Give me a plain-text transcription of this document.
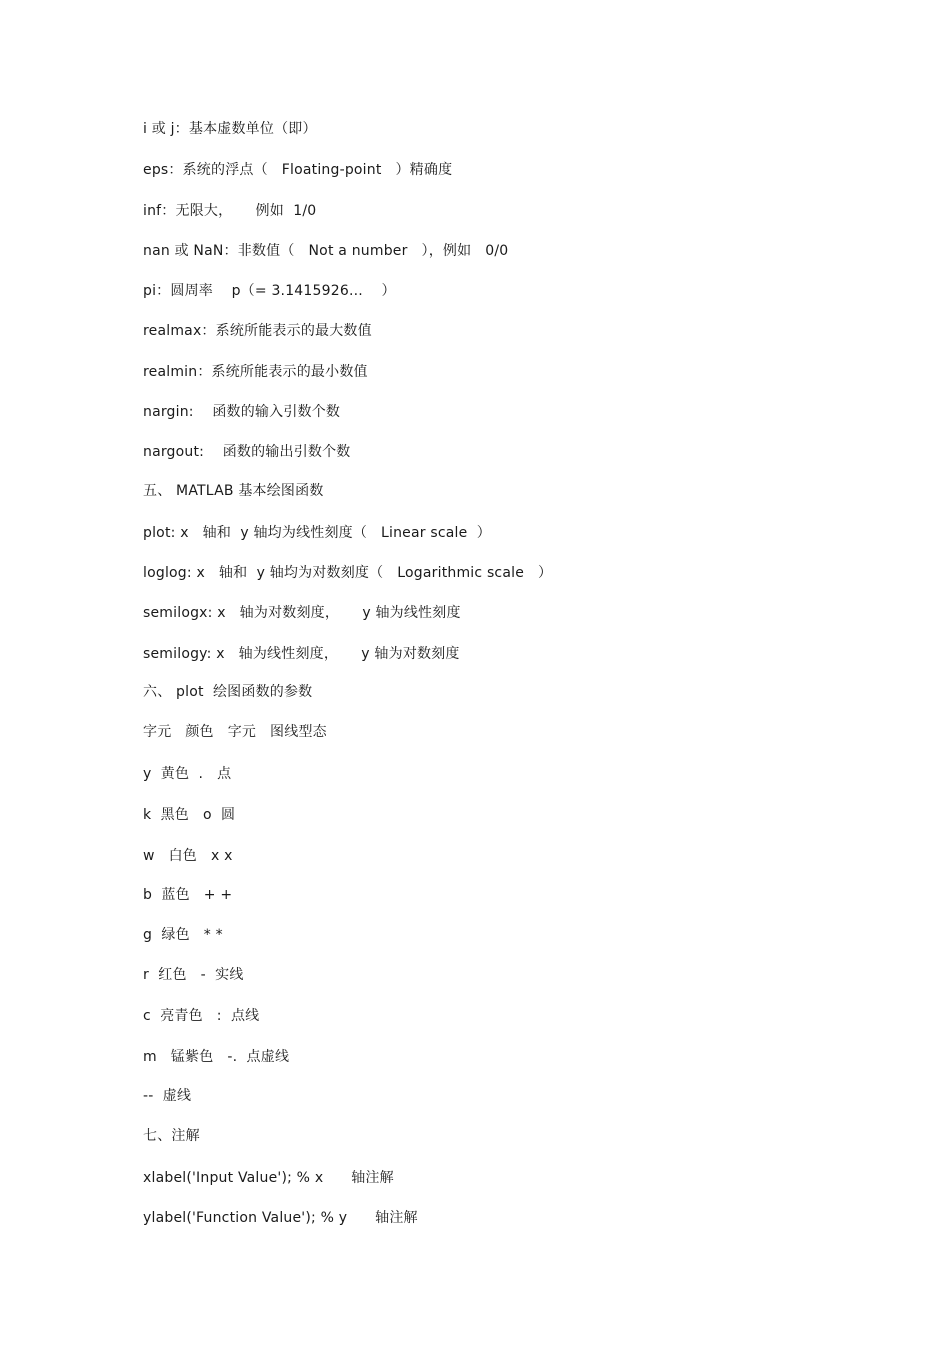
i 或 j：基本虚数单位（即）
eps：系统的浮点（   Floating-point   ）精确度
inf：无限大，     例如  1/0
nan 或 NaN：非数值（   Not a number   ），例如   0/0
pi：圆周率    p（= 3.1415926...    ）
realmax：系统所能表示的最大数值
realmin：系统所能表示的最小数值
nargin:    函数的输入引数个数
nargout:    函数的输出引数个数
五、 MATLAB 基本绘图函数
plot: x   轴和  y 轴均为线性刻度（   Linear scale  ）
loglog: x   轴和  y 轴均为对数刻度（   Logarithmic scale   ）
semilogx: x   轴为对数刻度，     y 轴为线性刻度
semilogy: x   轴为线性刻度，     y 轴为对数刻度
六、 plot  绘图函数的参数
字元   颜色   字元   图线型态
y  黄色  .   点
k  黑色   o  圆
w   白色   x x
b  蓝色   + +
g  绿色   * *
r  红色   -  实线
c  亮青色   :  点线
m   锰紫色   -.  点虚线
--  虚线
七、注解
xlabel('Input Value'); % x      轴注解
ylabel('Function Value'); % y      轴注解
